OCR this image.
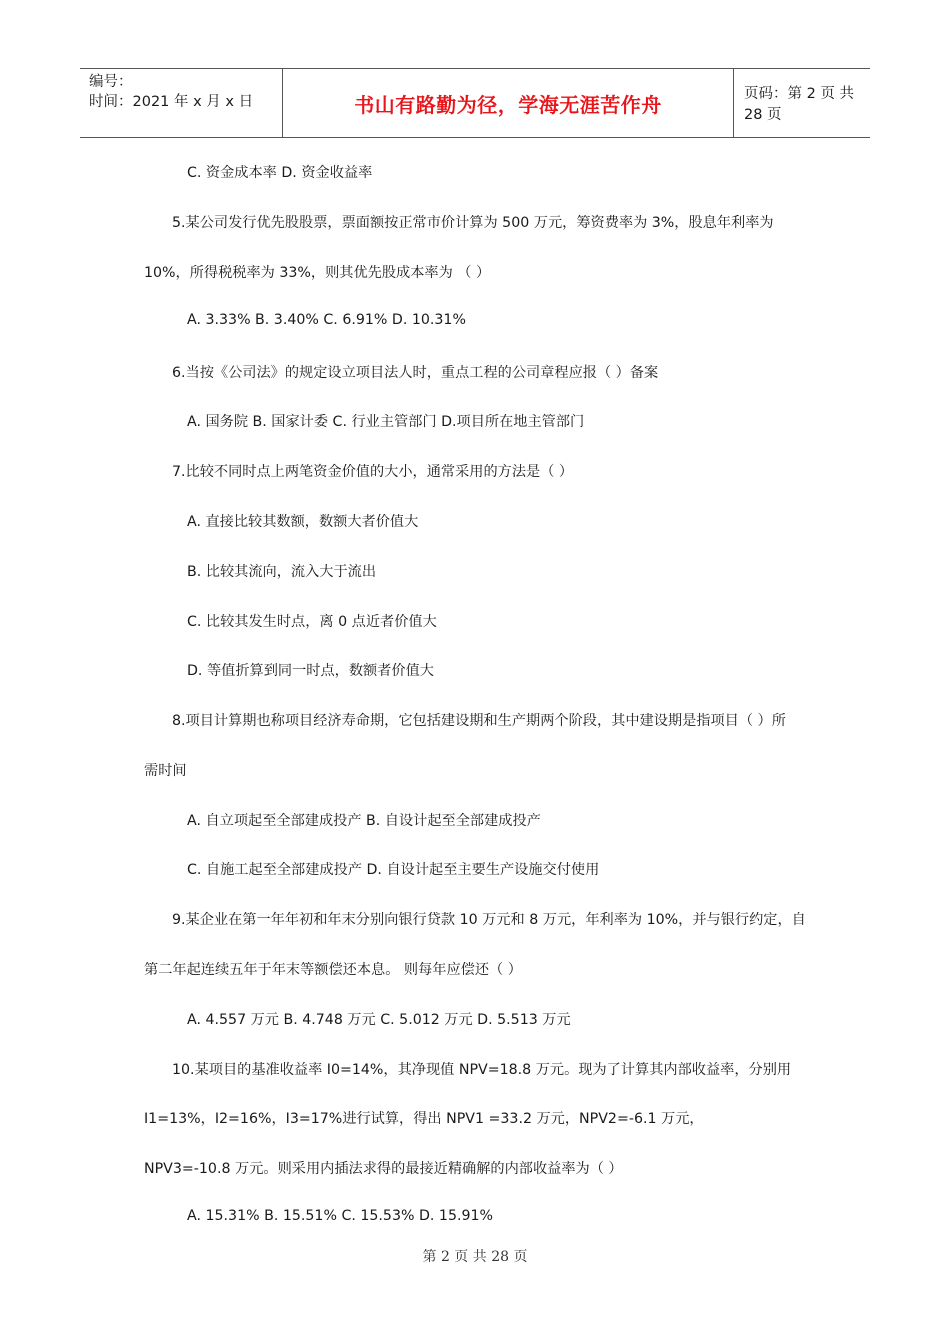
编号：
时间：2021 年 x 月 x 日	书山有路勤为径，学海无涯苦作舟	页码：第 2 页 共 28 页
C. 资金成本率 D. 资金收益率
5.某公司发行优先股股票，票面额按正常市价计算为 500 万元，筹资费率为 3%，股息年利率为
10%，所得税税率为 33%，则其优先股成本率为 （ ）
A. 3.33% B. 3.40% C. 6.91% D. 10.31%
6.当按《公司法》的规定设立项目法人时，重点工程的公司章程应报（ ）备案
A. 国务院 B. 国家计委 C. 行业主管部门 D.项目所在地主管部门
7.比较不同时点上两笔资金价值的大小，通常采用的方法是（ ）
A. 直接比较其数额，数额大者价值大
B. 比较其流向，流入大于流出
C. 比较其发生时点，离 0 点近者价值大
D. 等值折算到同一时点，数额者价值大
8.项目计算期也称项目经济寿命期，它包括建设期和生产期两个阶段，其中建设期是指项目（ ）所
需时间
A. 自立项起至全部建成投产 B. 自设计起至全部建成投产
C. 自施工起至全部建成投产 D. 自设计起至主要生产设施交付使用
9.某企业在第一年年初和年末分别向银行贷款 10 万元和 8 万元，年利率为 10%，并与银行约定，自
第二年起连续五年于年末等额偿还本息。 则每年应偿还（ ）
A. 4.557 万元 B. 4.748 万元 C. 5.012 万元 D. 5.513 万元
10.某项目的基准收益率 I0=14%，其净现值 NPV=18.8 万元。现为了计算其内部收益率，分别用
I1=13%，I2=16%，I3=17%进行试算，得出 NPV1 =33.2 万元，NPV2=-6.1 万元，
NPV3=-10.8 万元。则采用内插法求得的最接近精确解的内部收益率为（ ）
A. 15.31% B. 15.51% C. 15.53% D. 15.91%
第 2 页 共 28 页
